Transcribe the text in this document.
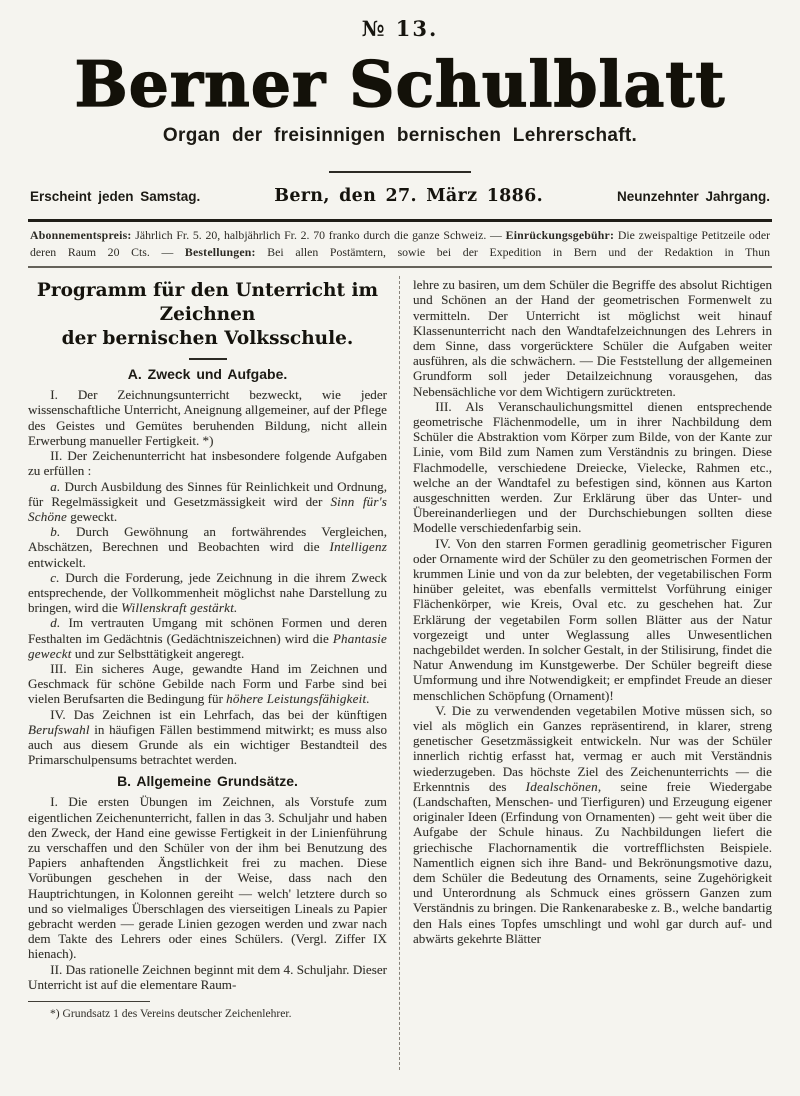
№ 13.
Berner Schulblatt
Organ der freisinnigen bernischen Lehrerschaft.
Erscheint jeden Samstag.	Bern, den 27. März 1886.	Neunzehnter Jahrgang.

Abonnementspreis: Jährlich Fr. 5. 20, halbjährlich Fr. 2. 70 franko durch die ganze Schweiz. — Einrückungsgebühr: Die zweispaltige Petitzeile oder deren Raum 20 Cts. — Bestellungen: Bei allen Postämtern, sowie bei der Expedition in Bern und der Redaktion in Thun

Programm für den Unterricht im Zeichnen
der bernischen Volksschule.
A. Zweck und Aufgabe.

I. Der Zeichnungsunterricht bezweckt, wie jeder wissenschaftliche Unterricht, Aneignung allgemeiner, auf der Pflege des Geistes und Gemütes beruhenden Bildung, nicht allein Erwerbung manueller Fertigkeit. *)

II. Der Zeichenunterricht hat insbesondere folgende Aufgaben zu erfüllen :

a. Durch Ausbildung des Sinnes für Reinlichkeit und Ordnung, für Regelmässigkeit und Gesetzmässigkeit wird der Sinn für's Schöne geweckt.

b. Durch Gewöhnung an fortwährendes Vergleichen, Abschätzen, Berechnen und Beobachten wird die Intelligenz entwickelt.

c. Durch die Forderung, jede Zeichnung in die ihrem Zweck entsprechende, der Vollkommenheit möglichst nahe Darstellung zu bringen, wird die Willenskraft gestärkt.

d. Im vertrauten Umgang mit schönen Formen und deren Festhalten im Gedächtnis (Gedächtniszeichnen) wird die Phantasie geweckt und zur Selbsttätigkeit angeregt.

III. Ein sicheres Auge, gewandte Hand im Zeichnen und Geschmack für schöne Gebilde nach Form und Farbe sind bei vielen Berufsarten die Bedingung für höhere Leistungsfähigkeit.

IV. Das Zeichnen ist ein Lehrfach, das bei der künftigen Berufswahl in häufigen Fällen bestimmend mitwirkt; es muss also auch aus diesem Grunde als ein wichtiger Bestandteil des Primarschulpensums betrachtet werden.

B. Allgemeine Grundsätze.

I. Die ersten Übungen im Zeichnen, als Vorstufe zum eigentlichen Zeichenunterricht, fallen in das 3. Schuljahr und haben den Zweck, der Hand eine gewisse Fertigkeit in der Linienführung zu verschaffen und den Schüler von der ihm bei Benutzung des Papiers anhaftenden Ängstlichkeit frei zu machen. Diese Vorübungen geschehen in der Weise, dass nach den Hauptrichtungen, in Kolonnen gereiht — welch' letztere durch so und so vielmaliges Überschlagen des vierseitigen Lineals zu Papier gebracht werden — gerade Linien gezogen werden und zwar nach dem Takte des Lehrers oder eines Schülers. (Vergl. Ziffer IX hienach).

II. Das rationelle Zeichnen beginnt mit dem 4. Schuljahr. Dieser Unterricht ist auf die elementare Raum-

*) Grundsatz 1 des Vereins deutscher Zeichenlehrer.

lehre zu basiren, um dem Schüler die Begriffe des absolut Richtigen und Schönen an der Hand der geometrischen Formenwelt zu vermitteln. Der Unterricht ist möglichst weit hinauf Klassenunterricht nach den Wandtafelzeichnungen des Lehrers in dem Sinne, dass vorgerücktere Schüler die Aufgaben weiter ausführen, als die schwächern. — Die Feststellung der allgemeinen Grundform soll jeder Detailzeichnung vorausgehen, das Nebensächliche vor dem Wichtigern zurücktreten.

III. Als Veranschaulichungsmittel dienen entsprechende geometrische Flächenmodelle, um in ihrer Nachbildung dem Schüler die Abstraktion vom Körper zum Bilde, von der Kante zur Linie, vom Bild zum Namen zum Verständnis zu bringen. Diese Flachmodelle, verschiedene Dreiecke, Vielecke, Rahmen etc., welche an der Wandtafel zu befestigen sind, können aus Karton ausgeschnitten werden. Zur Erklärung über das Unter- und Übereinanderliegen und der Durchschiebungen sollten diese Modelle verschiedenfarbig sein.

IV. Von den starren Formen geradlinig geometrischer Figuren oder Ornamente wird der Schüler zu den geometrischen Formen der krummen Linie und von da zur belebten, der vegetabilischen Form hinüber geleitet, was ebenfalls vermittelst Vorführung einiger Flächenkörper, wie Kreis, Oval etc. zu geschehen hat. Zur Erklärung der vegetabilen Form sollen Blätter aus der Natur vorgezeigt und unter Weglassung alles Unwesentlichen nachgebildet werden. In solcher Gestalt, in der Stilisirung, findet die Natur Anwendung im Kunstgewerbe. Der Schüler begreift diese Umformung und ihre Notwendigkeit; er empfindet Freude an dieser menschlichen Schöpfung (Ornament)!

V. Die zu verwendenden vegetabilen Motive müssen sich, so viel als möglich ein Ganzes repräsentirend, in klarer, streng genetischer Gesetzmässigkeit entwickeln. Nur was der Schüler innerlich richtig erfasst hat, vermag er auch mit Verständnis wiederzugeben. Das höchste Ziel des Zeichenunterrichts — die Erkenntnis des Idealschönen, seine freie Wiedergabe (Landschaften, Menschen- und Tierfiguren) und Erzeugung eigener originaler Ideen (Erfindung von Ornamenten) — geht weit über die Aufgabe der Schule hinaus. Zu Nachbildungen liefert die griechische Flachornamentik die vortrefflichsten Beispiele. Namentlich eignen sich ihre Band- und Bekrönungsmotive dazu, dem Schüler die Bedeutung des Ornaments, seine Zugehörigkeit und Unterordnung als Schmuck eines grössern Ganzen zum Verständnis zu bringen. Die Rankenarabeske z. B., welche bandartig den Hals eines Topfes umschlingt und wohl gar durch auf- und abwärts gekehrte Blätter
